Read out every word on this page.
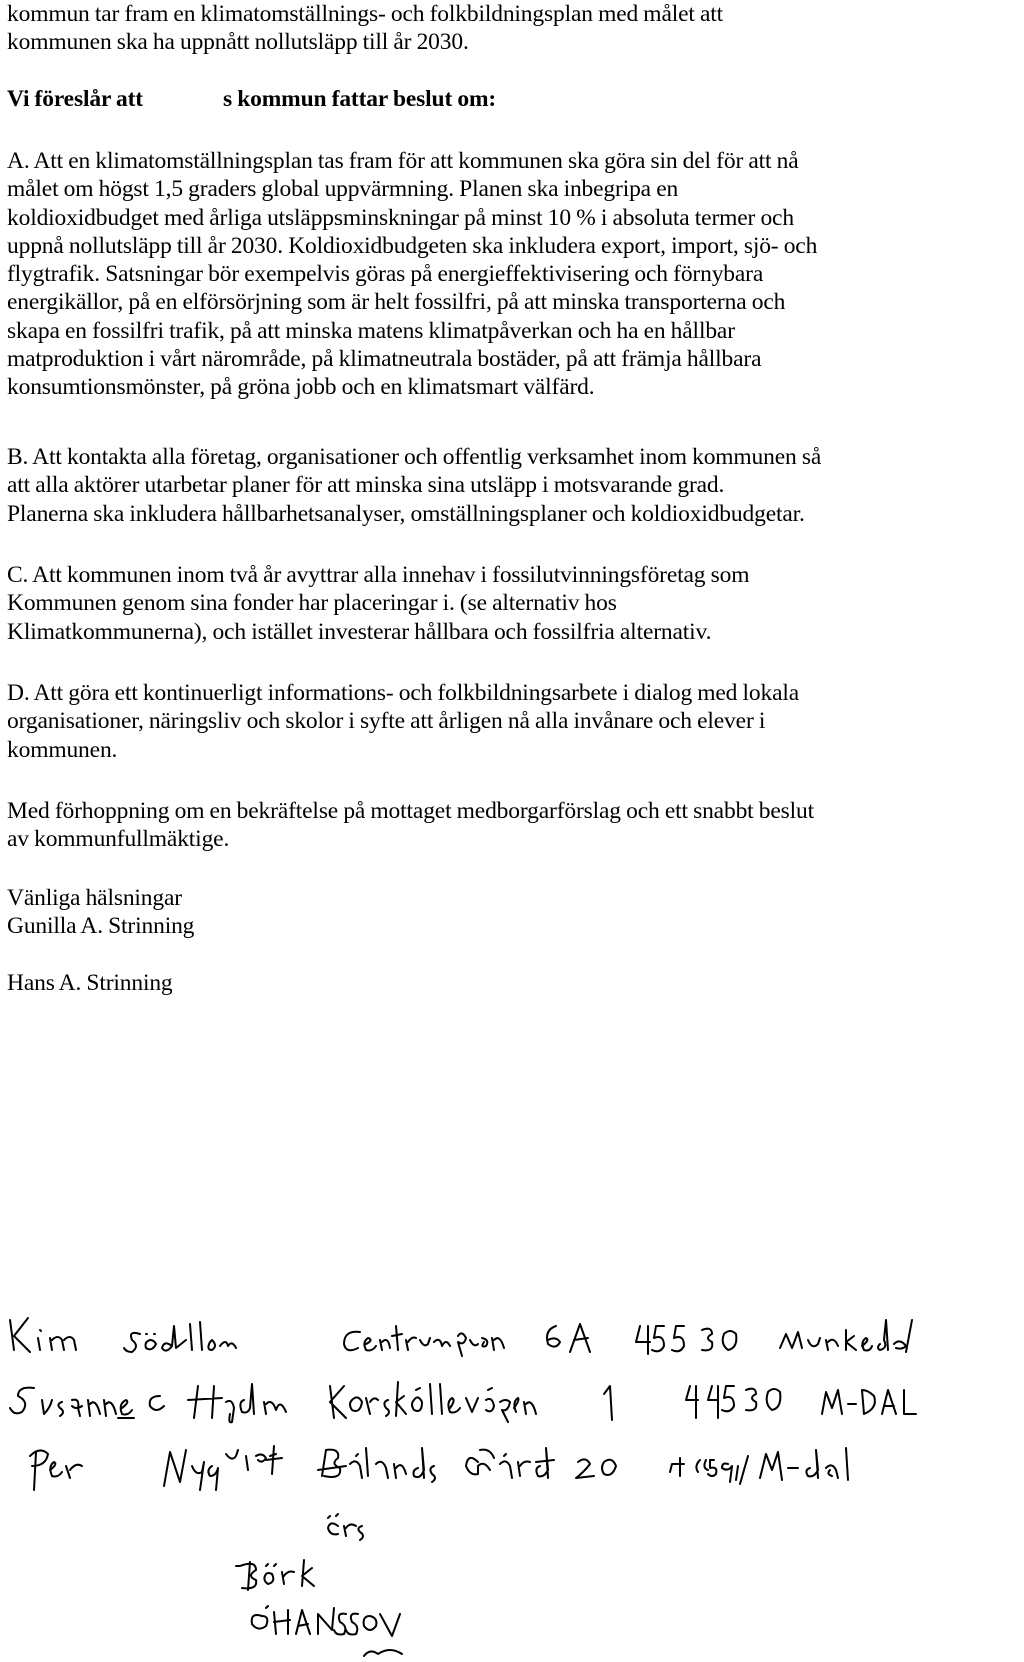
kommun tar fram en klimatomställnings- och folkbildningsplan med målet att
kommunen ska ha uppnått nollutsläpp till år 2030.
Vi föreslår att	s kommun fattar beslut om:
A. Att en klimatomställningsplan tas fram för att kommunen ska göra sin del för att nå
målet om högst 1,5 graders global uppvärmning. Planen ska inbegripa en
koldioxidbudget med årliga utsläppsminskningar på minst 10 % i absoluta termer och
uppnå nollutsläpp till år 2030. Koldioxidbudgeten ska inkludera export, import, sjö- och
flygtrafik. Satsningar bör exempelvis göras på energieffektivisering och förnybara
energikällor, på en elförsörjning som är helt fossilfri, på att minska transporterna och
skapa en fossilfri trafik, på att minska matens klimatpåverkan och ha en hållbar
matproduktion i vårt närområde, på klimatneutrala bostäder, på att främja hållbara
konsumtionsmönster, på gröna jobb och en klimatsmart välfärd.
B. Att kontakta alla företag, organisationer och offentlig verksamhet inom kommunen så
att alla aktörer utarbetar planer för att minska sina utsläpp i motsvarande grad.
Planerna ska inkludera hållbarhetsanalyser, omställningsplaner och koldioxidbudgetar.
C. Att kommunen inom två år avyttrar alla innehav i fossilutvinningsföretag som
Kommunen genom sina fonder har placeringar i. (se alternativ hos
Klimatkommunerna), och istället investerar hållbara och fossilfria alternativ.
D. Att göra ett kontinuerligt informations- och folkbildningsarbete i dialog med lokala
organisationer, näringsliv och skolor i syfte att årligen nå alla invånare och elever i
kommunen.
Med förhoppning om en bekräftelse på mottaget medborgarförslag och ett snabbt beslut
av kommunfullmäktige.
Vänliga hälsningar
Gunilla A. Strinning
Hans A. Strinning
